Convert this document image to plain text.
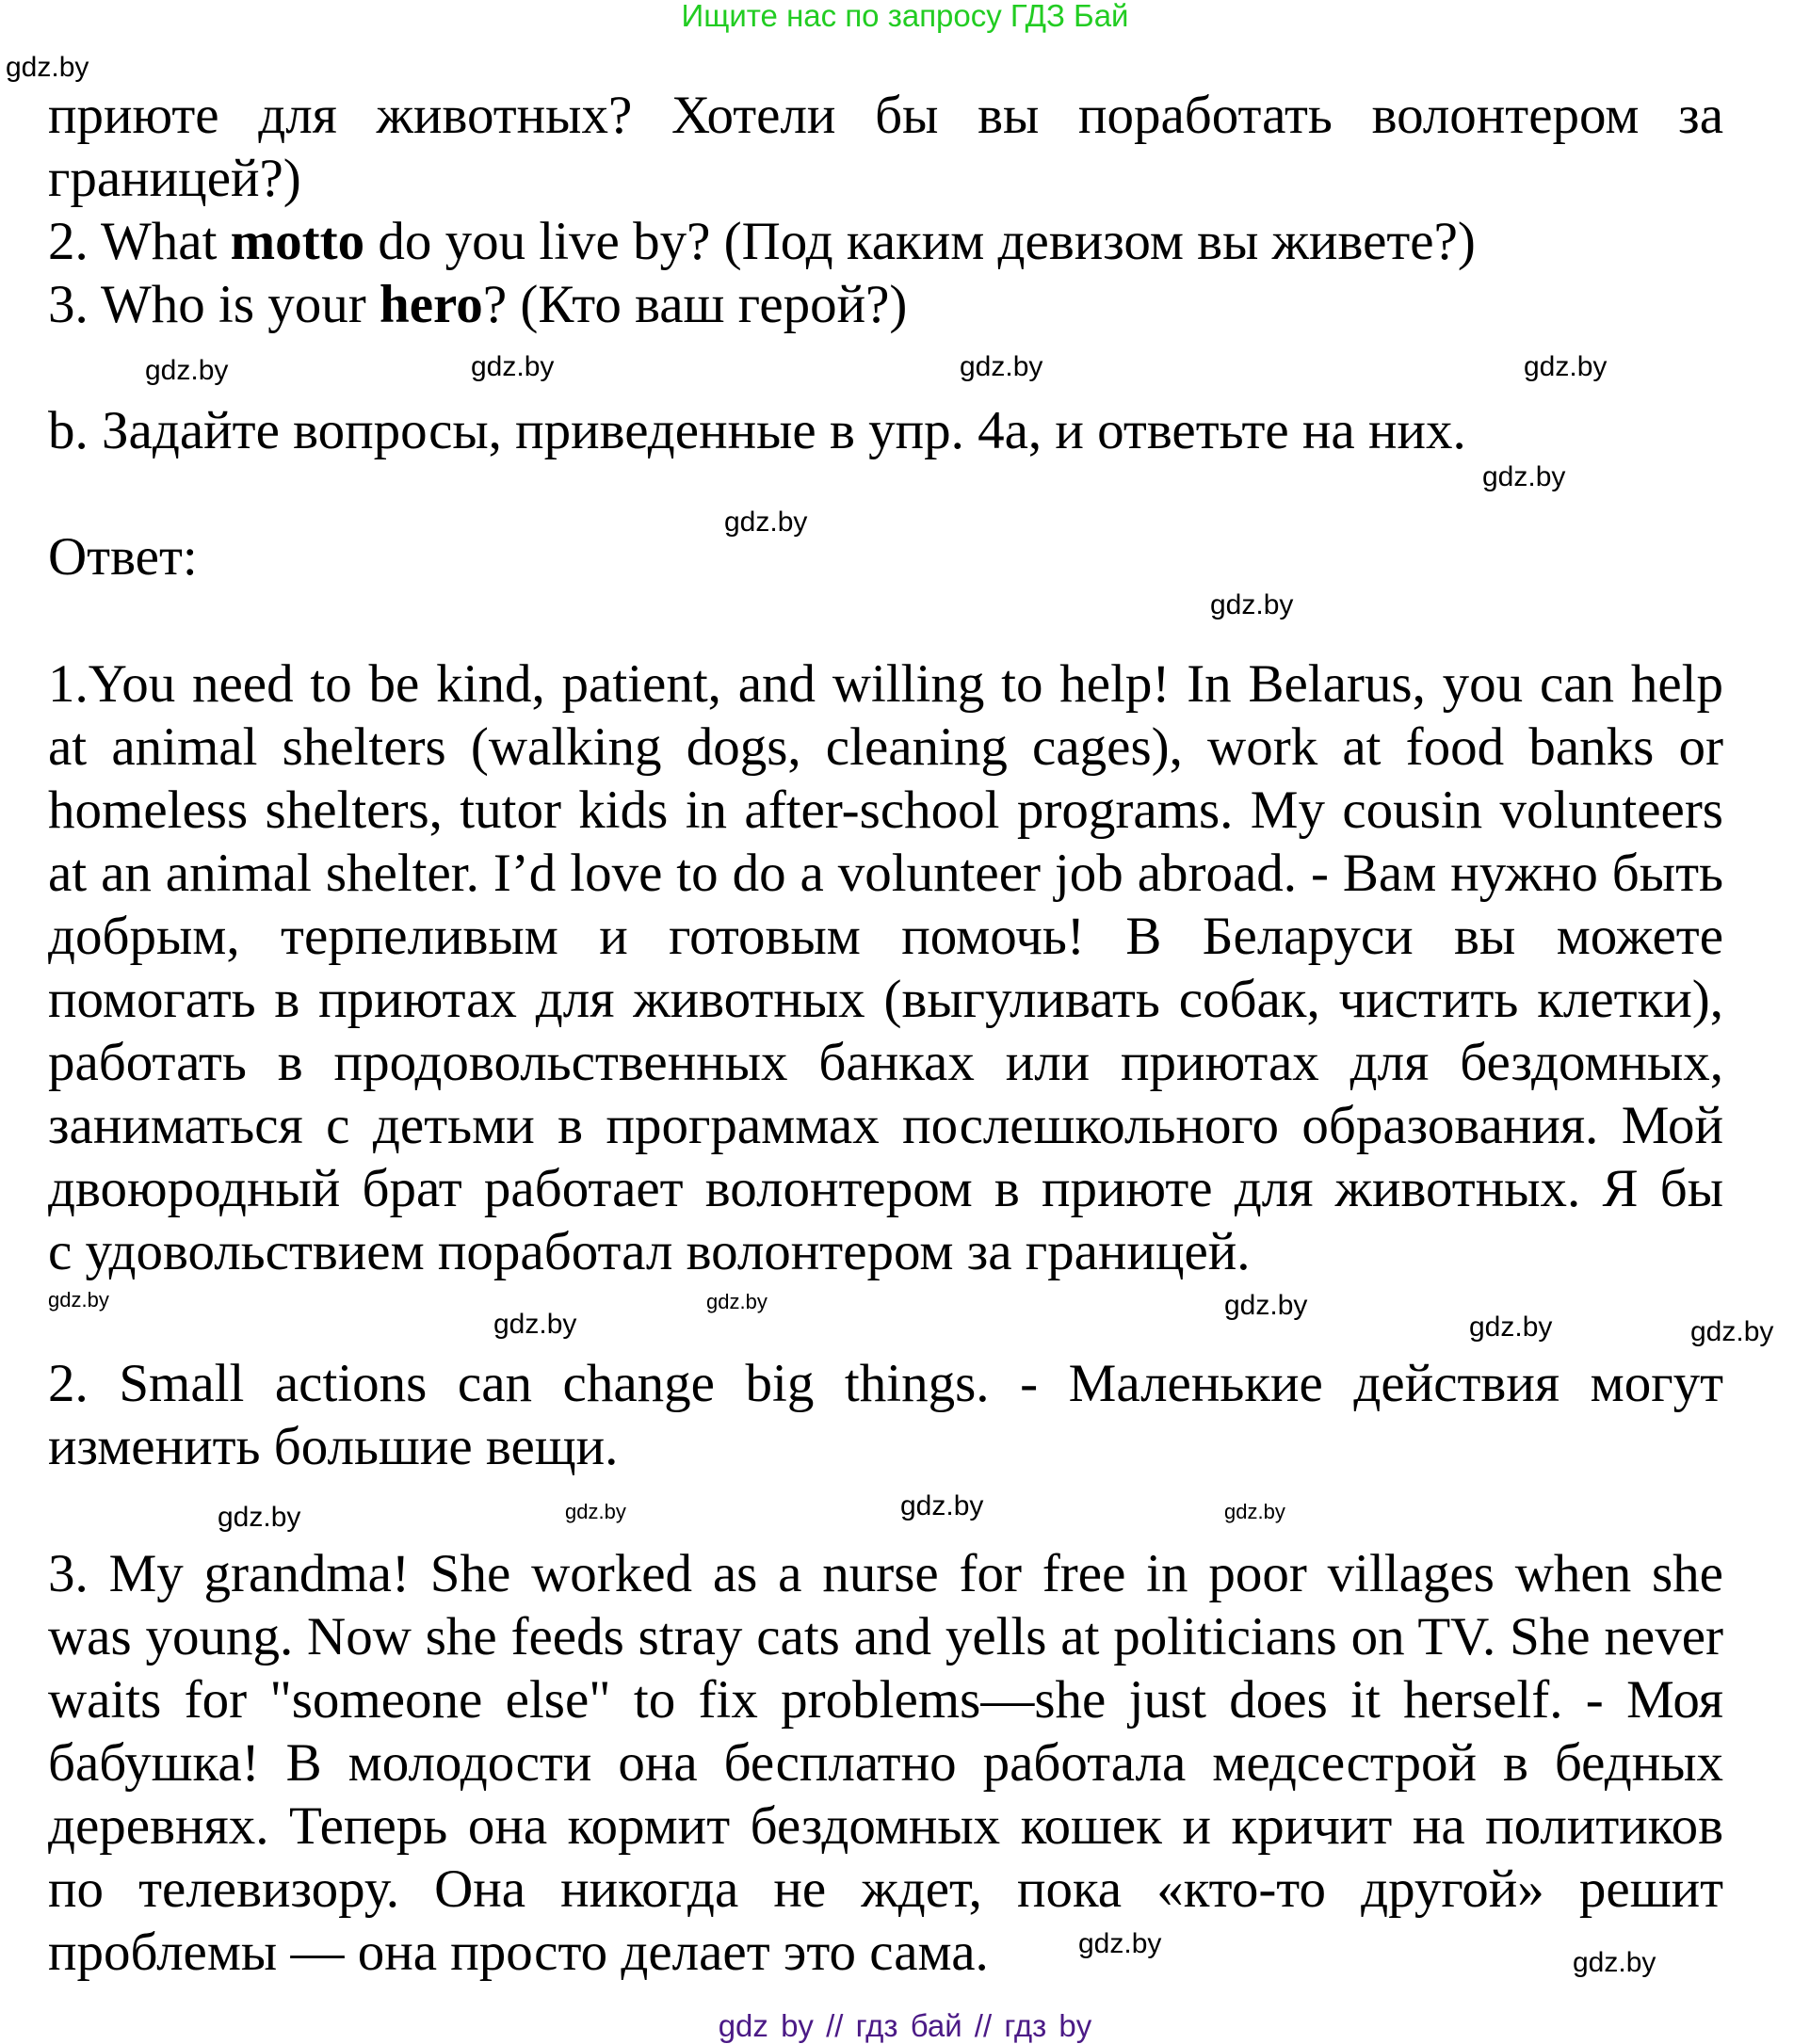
Ищите нас по запросу ГДЗ Бай
приюте для животных? Хотели бы вы поработать волонтером за
границей?)
2. What motto do you live by? (Под каким девизом вы живете?)
3. Who is your hero? (Кто ваш герой?)
b. Задайте вопросы, приведенные в упр. 4а, и ответьте на них.
Ответ:
1.You need to be kind, patient, and willing to help! In Belarus, you can help
at animal shelters (walking dogs, cleaning cages), work at food banks or
homeless shelters, tutor kids in after-school programs. My cousin volunteers
at an animal shelter. I’d love to do a volunteer job abroad. - Вам нужно быть
добрым, терпеливым и готовым помочь! В Беларуси вы можете
помогать в приютах для животных (выгуливать собак, чистить клетки),
работать в продовольственных банках или приютах для бездомных,
заниматься с детьми в программах послешкольного образования. Мой
двоюродный брат работает волонтером в приюте для животных. Я бы
с удовольствием поработал волонтером за границей.
2. Small actions can change big things. - Маленькие действия могут
изменить большие вещи.
3. My grandma! She worked as a nurse for free in poor villages when she
was young. Now she feeds stray cats and yells at politicians on TV. She never
waits for "someone else" to fix problems—she just does it herself. - Моя
бабушка! В молодости она бесплатно работала медсестрой в бедных
деревнях. Теперь она кормит бездомных кошек и кричит на политиков
по телевизору. Она никогда не ждет, пока «кто-то другой» решит
проблемы — она просто делает это сама.
gdz.by
gdz.by	gdz.by	gdz.by
gdz.by
gdz.by
gdz.by
gdz.by
gdz.by	gdz.by	gdz.by
gdz.by	gdz.by	gdz.by
gdz.by
gdz.by	gdz.by	gdz.by
gdz.by
gdz.by
gdz by // гдз бай // гдз by
